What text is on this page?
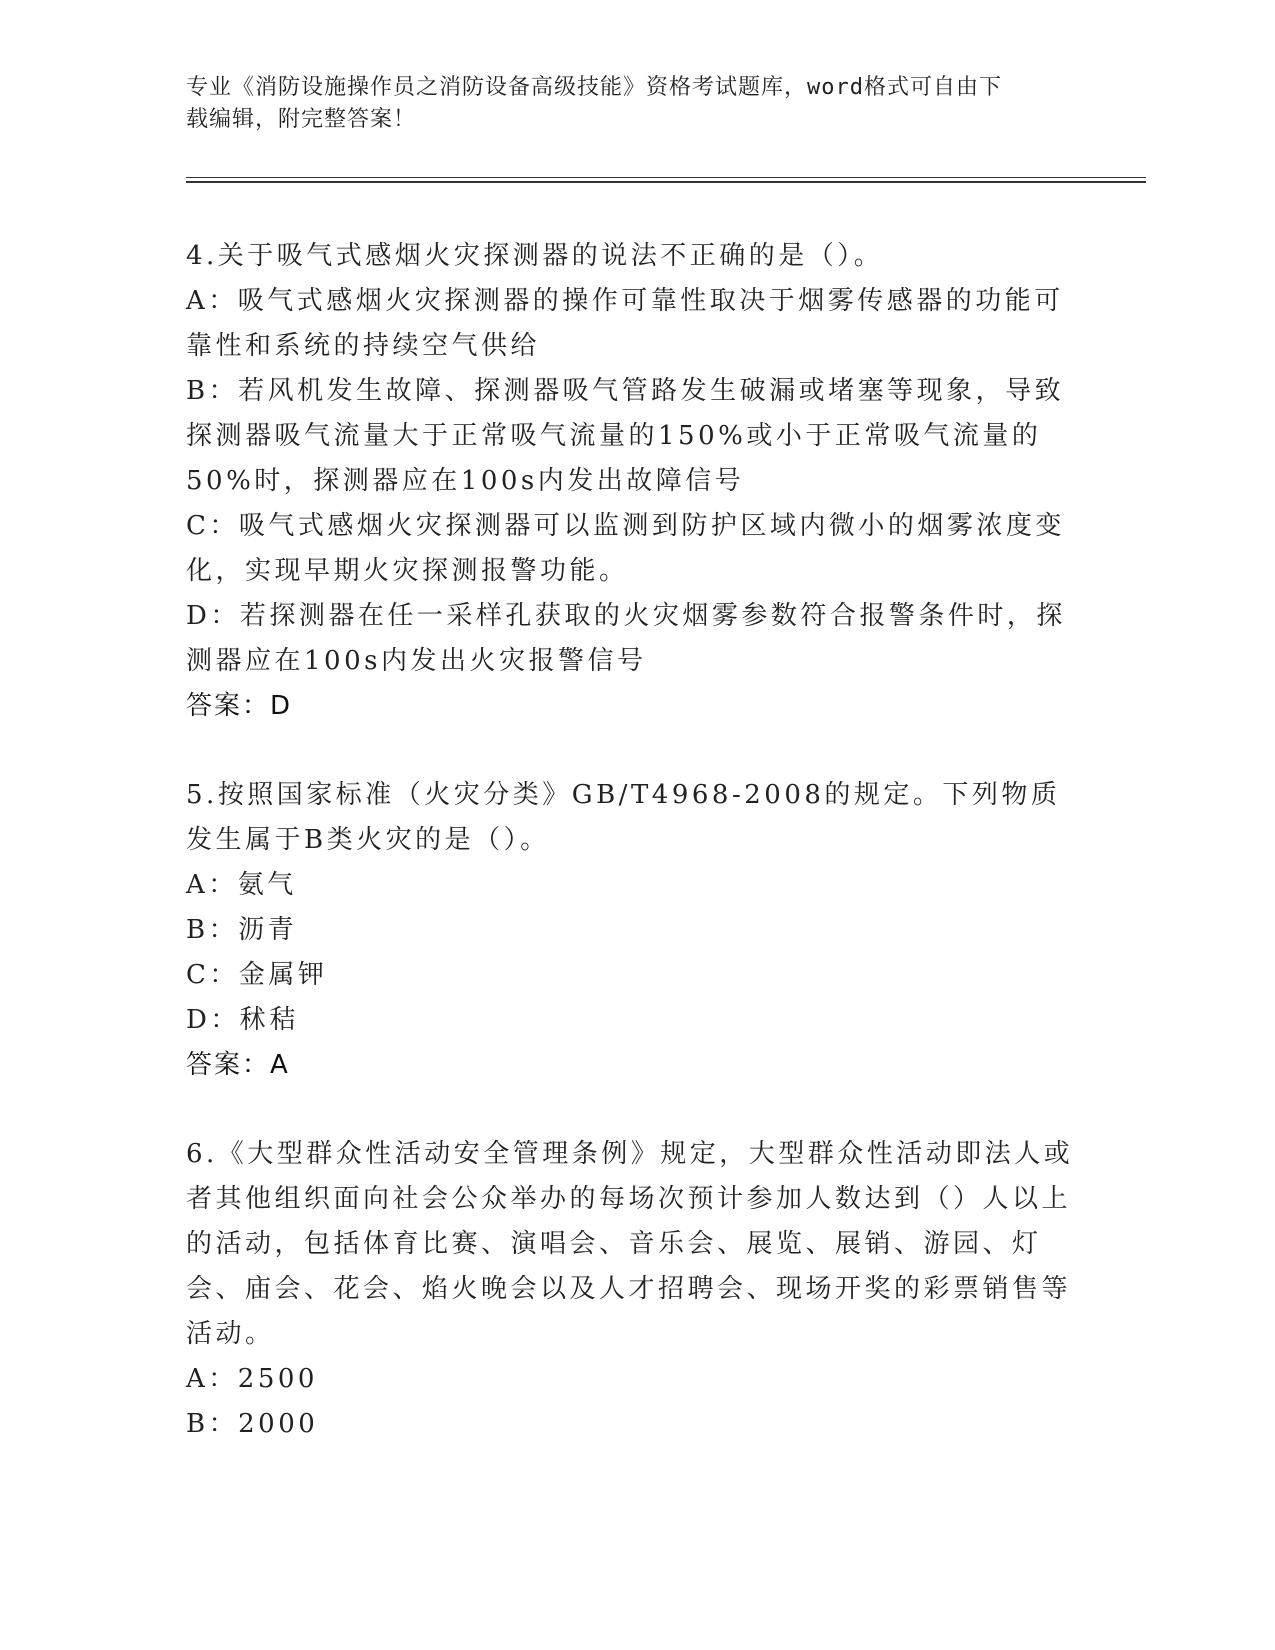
专业《消防设施操作员之消防设备高级技能》资格考试题库，word格式可自由下
载编辑，附完整答案！

4.关于吸气式感烟火灾探测器的说法不正确的是（）。

A：吸气式感烟火灾探测器的操作可靠性取决于烟雾传感器的功能可靠性和系统的持续空气供给

B：若风机发生故障、探测器吸气管路发生破漏或堵塞等现象，导致探测器吸气流量大于正常吸气流量的150%或小于正常吸气流量的50%时，探测器应在100s内发出故障信号

C：吸气式感烟火灾探测器可以监测到防护区域内微小的烟雾浓度变化，实现早期火灾探测报警功能。

D：若探测器在任一采样孔获取的火灾烟雾参数符合报警条件时，探测器应在100s内发出火灾报警信号

答案：D

5.按照国家标准（火灾分类》GB/T4968-2008的规定。下列物质发生属于B类火灾的是（）。

A：氨气

B：沥青

C：金属钾

D：秫秸

答案：A

6.《大型群众性活动安全管理条例》规定，大型群众性活动即法人或者其他组织面向社会公众举办的每场次预计参加人数达到（）人以上的活动，包括体育比赛、演唱会、音乐会、展览、展销、游园、灯会、庙会、花会、焰火晚会以及人才招聘会、现场开奖的彩票销售等活动。

A：2500

B：2000
